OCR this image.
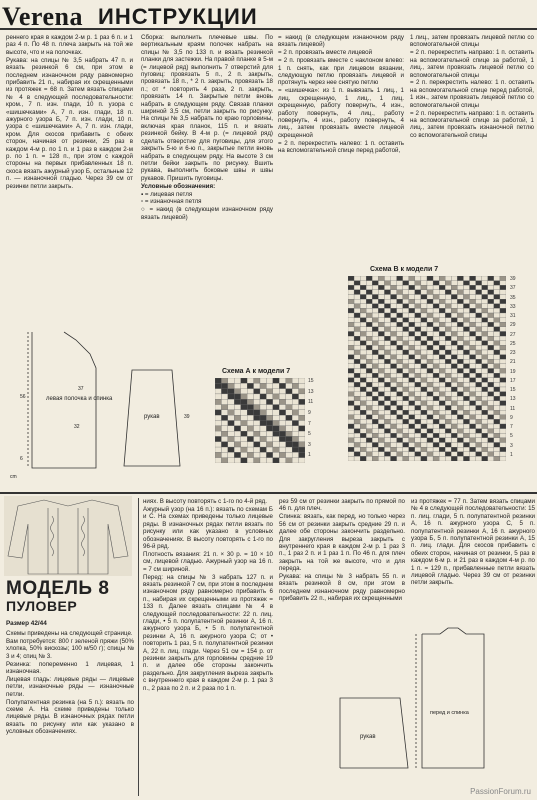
Verena ИНСТРУКЦИИ

реннего края в каждом 2-м р. 1 раз 6 п. и 1 раз 4 п. По 48 п. плеча закрыть на той же высоте, что и на полочках.

Рукава: на спицы № 3,5 набрать 47 п. и вязать резинкой 6 см, при этом в последнем изнаночном ряду равномерно прибавить 21 п., набирая их скрещенными из протяжек = 68 п. Затем вязать спицами № 4 в следующей последовательности: кром., 7 п. изн. глади, 10 п. узора с «шишечками» А, 7 п. изн. глади, 18 п. ажурного узора Б, 7 п. изн. глади, 10 п. узора с «шишечками» А, 7 п. изн. глади, кром. Для скосов прибавить с обеих сторон, начиная от резинки, 25 раз в каждом 4-м р. по 1 п. и 1 раз в каждом 2-м р. по 1 п. = 128 п., при этом с каждой стороны на первых прибавленных 18 п. скоса вязать ажурный узор Б, остальные 12 п. — изнаночной гладью. Через 39 см от резинки петли закрыть.

Сборка: выполнить плечевые швы. По вертикальным краям полочек набрать на спицы № 3,5 по 133 п. и вязать резинкой планки для застежки. На правой планке в 5-м (= лицевой ряд) выполнить 7 отверстий для пуговиц: провязать 5 п., 2 п. закрыть, провязать 18 п., * 2 п. закрыть, провязать 18 п.; от * повторить 4 раза, 2 п. закрыть, провязать 14 п. Закрытые петли вновь набрать в следующем ряду. Связав планки шириной 3,5 см, петли закрыть по рисунку. На спицы № 3,5 набрать по краю горловины, включая края планок, 115 п. и вязать резинкой бейку. В 4-м р. (= лицевой ряд) сделать отверстие для пуговицы, для этого закрыть 5-ю и 6-ю п., закрытые петли вновь набрать в следующем ряду. На высоте 3 см петли бейки закрыть по рисунку. Вшить рукава, выполнить боковые швы и швы рукавов. Пришить пуговицы.

Условные обозначения:

▪ = лицевая петля

▫ = изнаночная петля

○ = накид (в следующем изнаночном ряду вязать лицевой)

= накид (в следующем изнаночном ряду вязать лицевой)

= 2 п. провязать вместе лицевой

= 2 п. провязать вместе с наклоном влево: 1 п. снять, как при лицевом вязании, следующую петлю провязать лицевой и протянуть через нее снятую петлю

= «шишечка»: из 1 п. вывязать 1 лиц., 1 лиц. скрещенную, 1 лиц., 1 лиц. скрещенную, работу повернуть, 4 изн., работу повернуть, 4 лиц., работу повернуть, 4 изн., работу повернуть, 4 лиц., затем провязать вместе лицевой скрещенной

= 2 п. перекрестить налево: 1 п. оставить на вспомогательной спице перед работой,

1 лиц., затем провязать лицевой петлю со вспомогательной спицы

= 2 п. перекрестить направо: 1 п. оставить на вспомогательной спице за работой, 1 лиц., затем провязать лицевой петлю со вспомогательной спицы

= 2 п. перекрестить налево: 1 п. оставить на вспомогательной спице перед работой, 1 изн., затем провязать лицевой петлю со вспомогательной спицы

= 2 п. перекрестить направо: 1 п. оставить на вспомогательной спице за работой, 1 лиц., затем провязать изнаночной петлю со вспомогательной спицы

левая полочка и спинка
рукав
56
37
32
6
39
cm
Схема А к модели 7
Схема В к модели 7
39
37
35
33
31
29
27
25
23
21
19
17
15
13
11
9
7
5
3
1
15
13
11
9
7
5
3
1
МОДЕЛЬ 8
ПУЛОВЕР
Размер 42/44

Схемы приведены на следующей странице.

Вам потребуется: 800 г зеленой пряжи (50% хлопка, 50% вискозы; 100 м/50 г); спицы № 3 и 4; спиц № 3.

Резинка: попеременно 1 лицевая, 1 изнаночная.

Лицевая гладь: лицевые ряды — лицевые петли, изнаночные ряды — изнаночные петли.

Полупатентная резинка (на 5 п.): вязать по схеме А. На схеме приведены только лицевые ряды. В изнаночных рядах петли вязать по рисунку или как указано в условных обозначениях.

ниях. В высоту повторять с 1-го по 4-й ряд.

Ажурный узор (на 16 п.): вязать по схемам Б и С. На схемах приведены только лицевые ряды. В изнаночных рядах петли вязать по рисунку или как указано в условных обозначениях. В высоту повторять с 1-го по 96-й ряд.

Плотность вязания: 21 п. × 30 р. = 10 × 10 см, лицевой гладью. Ажурный узор на 16 п. = 7 см шириной.

Перед: на спицы № 3 набрать 127 п. и вязать резинкой 7 см, при этом в последнем изнаночном ряду равномерно прибавить 6 п., набирая их скрещенными из протяжек = 133 п. Далее вязать спицами № 4 в следующей последовательности: 22 п. лиц. глади, • 5 п. полупатентной резинки А, 16 п. ажурного узора Б, • 5 п. полупатентной резинки А, 16 п. ажурного узора С; от • повторить 1 раз, 5 п. полупатентной резинки А, 22 п. лиц. глади. Через 51 см = 154 р. от резинки закрыть для горловины средние 19 п. и далее обе стороны закончить раздельно. Для закругления выреза закрыть с внутреннего края в каждом 2-м р. 1 раз 3 п., 2 раза по 2 п. и 2 раза по 1 п.

рез 59 см от резинки закрыть по прямой по 46 п. для плеч.

Спинка: вязать, как перед, но только через 56 см от резинки закрыть средние 29 п. и далее обе стороны закончить раздельно. Для закругления выреза закрыть с внутреннего края в каждом 2-м р. 1 раз 3 п., 1 раз 2 п. и 1 раз 1 п. По 46 п. для плеч закрыть на той же высоте, что и для переда.

Рукава: на спицы № 3 набрать 55 п. и вязать резинкой 8 см, при этом в последнем изнаночном ряду равномерно прибавить 22 п., набирая их скрещенными

из протяжек = 77 п. Затем вязать спицами № 4 в следующей последовательности: 15 п. лиц. глади, 5 п. полупатентной резинки А, 16 п. ажурного узора С, 5 п. полупатентной резинки А, 16 п. ажурного узора Б, 5 п. полупатентной резинки А, 15 п. лиц. глади. Для скосов прибавить с обеих сторон, начиная от резинки, 5 раз в каждом 6-м р. и 21 раз в каждом 4-м р. по 1 п. = 129 п., прибавленные петли вязать лицевой гладью. Через 39 см от резинки петли закрыть.

рукав
перед и спинка
PassionForum.ru
